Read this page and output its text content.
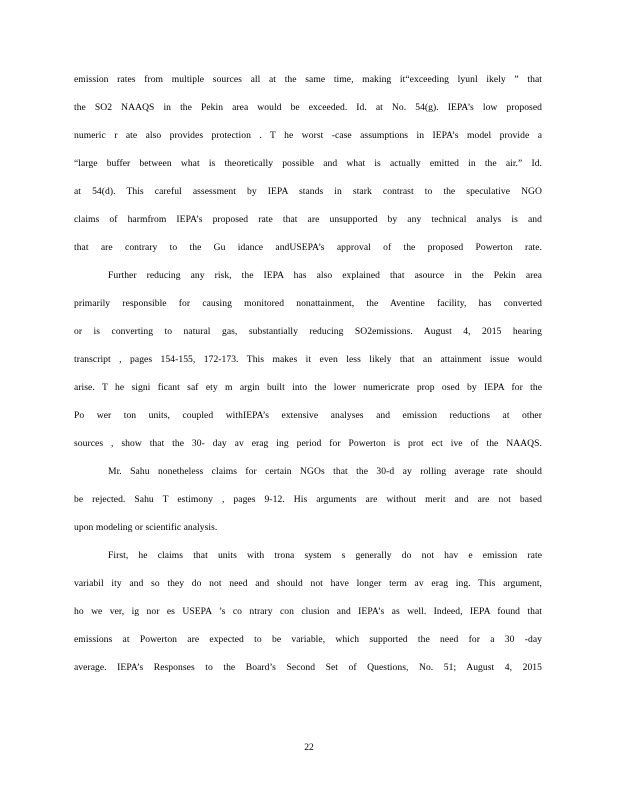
emission rates from multiple sources all at the same time, making it“exceeding lyunl ikely ” that
the SO2 NAAQS in the Pekin area would be exceeded. Id. at No. 54(g). IEPA’s low proposed
numeric r ate also provides protection . T he worst -case assumptions in IEPA’s model provide a
“large buffer between what is theoretically possible and what is actually emitted in the air.” Id.
at 54(d). This careful assessment by IEPA stands in stark contrast to the speculative NGO
claims of harmfrom IEPA’s proposed rate that are unsupported by any technical analys is and
that are contrary to the Gu idance andUSEPA’s approval of the proposed Powerton rate.
Further reducing any risk, the IEPA has also explained that asource in the Pekin area
primarily responsible for causing monitored nonattainment, the Aventine facility, has converted
or is converting to natural gas, substantially reducing SO2emissions. August 4, 2015 hearing
transcript , pages 154-155, 172-173. This makes it even less likely that an attainment issue would
arise. T he signi ficant saf ety m argin built into the lower numericrate prop osed by IEPA for the
Po wer ton units, coupled withIEPA’s extensive analyses and emission reductions at other
sources , show that the 30- day av erag ing period for Powerton is prot ect ive of the NAAQS.
Mr. Sahu nonetheless claims for certain NGOs that the 30-d ay rolling average rate should
be rejected. Sahu T estimony , pages 9-12. His arguments are without merit and are not based
upon modeling or scientific analysis.
First, he claims that units with trona system s generally do not hav e emission rate
variabil ity and so they do not need and should not have longer term av erag ing. This argument,
ho we ver, ig nor es USEPA ’s co ntrary con clusion and IEPA’s as well. Indeed, IEPA found that
emissions at Powerton are expected to be variable, which supported the need for a 30 -day
average. IEPA’s Responses to the Board’s Second Set of Questions, No. 51; August 4, 2015
22
